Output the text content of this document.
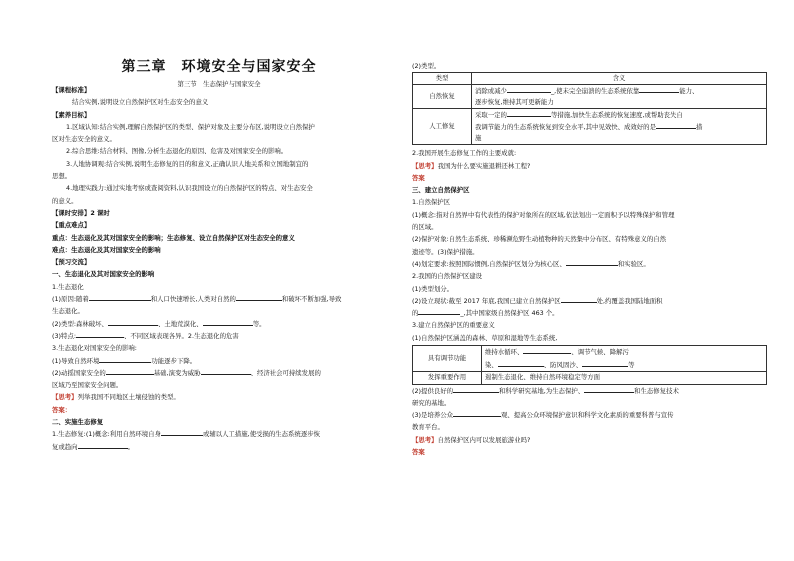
第三章　环境安全与国家安全
第三节　生态保护与国家安全
【课程标准】
结合实例,说明设立自然保护区对生态安全的意义
【素养目标】
1.区域认知:结合实例,理解自然保护区的类型、保护对象及主要分布区,说明设立自然保护
区对生态安全的意义。
2.综合思维:结合材料、图像,分析生态退化的原因、危害及对国家安全的影响。
3.人地协调观:结合实例,说明生态修复的目的和意义,正确认识人地关系和立国地制宜的
思想。
4.地理实践力:通过实地考察或查阅资料,认识我国设立的自然保护区的特点、对生态安全
的意义。
【课时安排】2 课时
【重点难点】
重点：生态退化及其对国家安全的影响；生态修复、设立自然保护区对生态安全的意义
难点：生态退化及其对国家安全的影响
【预习交流】
一、生态退化及其对国家安全的影响
1.生态退化
(1)原因:随着	和人口快速增长,人类对自然的	和破坏不断加强,导致
生态退化。
(2)类型:森林破坏、	、土地荒漠化、	等。
(3)特点:	、不同区域表现各异。2.生态退化的危害
3.生态退化对国家安全的影响:
(1)导致自然环境	功能逐步下降。
(2)动摇国家安全的	基础,演变为威胁	、经济社会可持续发展的
区域乃至国家安全问题。
【思考】列举我国不同地区土壤侵蚀的类型。
答案：
二、实施生态修复
1.生态修复:(1)概念:利用自然环境自身	或辅以人工措施,使受损的生态系统逐步恢
复或趋向	。
(2)类型。
类型	含义
自然恢复	消除或减少 _,使未完全崩溃的生态系统依靠 能力、
逐步恢复,维持其可更新能力

人工修复	采取一定的 等措施,加快生态系统的恢复速度,或帮助丧失自
我调节能力的生态系统恢复到安全水平,其中见效快、成效好的是 措
施
2.我国开展生态修复工作的主要成就:
【思考】我国为什么要实施退耕还林工程?
答案
三、建立自然保护区
1.自然保护区
(1)概念:指对自然界中有代表性的保护对象所在的区域,依法划出一定面积予以特殊保护和管理
的区域。
(2)保护对象:自然生态系统、珍稀濒危野生动植物种的天然集中分布区、有特殊意义的自然
遗迹等。(3)保护措施。
(4)划定要求:按照国际惯例,自然保护区划分为核心区、	和实验区。
2.我国的自然保护区建设
(1)类型划分。
(2)设立现状:截至 2017 年底,我国已建立自然保护区	处,约覆盖我国陆地面积
的	_,其中国家级自然保护区 463 个。
3.建立自然保护区的重要意义
(1)自然保护区涵盖的森林、草原和湿地等生态系统,
具有调节功能	维持水循环、 、调节气候、降解污
染、 、防风固沙、 等

发挥重要作用	遏制生态退化、维持自然环境稳定等方面
(2)提供良好的	和科学研究基地,为生态保护、	和生态修复技术
研究的基地。
(3)是培养公众	观、提高公众环境保护意识和科学文化素质的重要科普与宣传
教育平台。
【思考】自然保护区内可以发展旅游业吗?
答案
